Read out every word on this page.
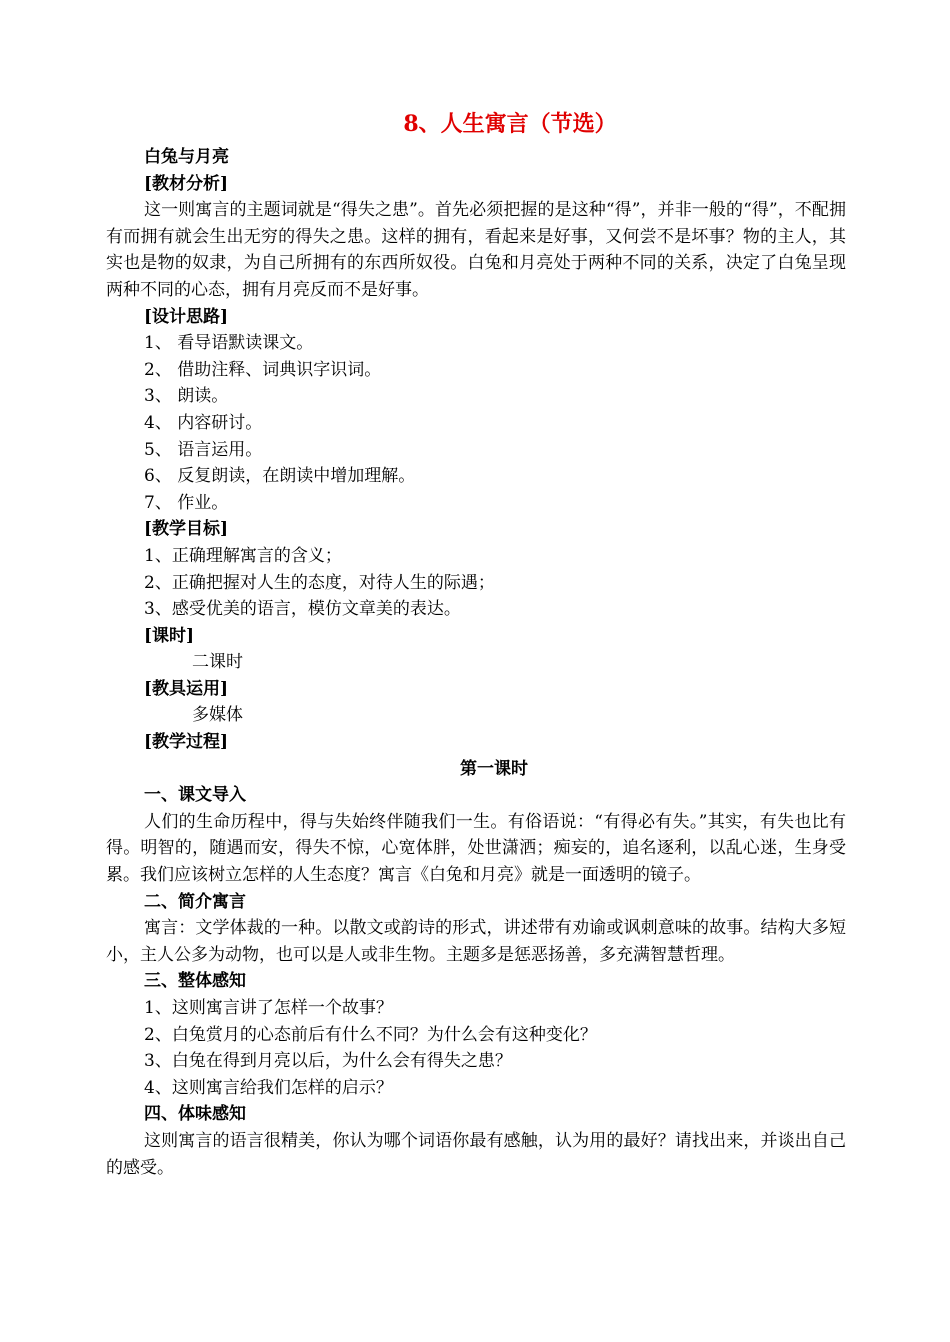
8、人生寓言（节选）
白兔与月亮
[教材分析]
这一则寓言的主题词就是“得失之患”。首先必须把握的是这种“得”，并非一般的“得”，不配拥有而拥有就会生出无穷的得失之患。这样的拥有，看起来是好事，又何尝不是坏事？物的主人，其实也是物的奴隶，为自己所拥有的东西所奴役。白兔和月亮处于两种不同的关系，决定了白兔呈现两种不同的心态，拥有月亮反而不是好事。
[设计思路]
1、 看导语默读课文。
2、 借助注释、词典识字识词。
3、 朗读。
4、 内容研讨。
5、 语言运用。
6、 反复朗读，在朗读中增加理解。
7、 作业。
[教学目标]
1、正确理解寓言的含义；
2、正确把握对人生的态度，对待人生的际遇；
3、感受优美的语言，模仿文章美的表达。
[课时]
二课时
[教具运用]
多媒体
[教学过程]
第一课时
一、课文导入
人们的生命历程中，得与失始终伴随我们一生。有俗语说：“有得必有失。”其实，有失也比有得。明智的，随遇而安，得失不惊，心宽体胖，处世潇洒；痴妄的，追名逐利，以乱心迷，生身受累。我们应该树立怎样的人生态度？寓言《白兔和月亮》就是一面透明的镜子。
二、简介寓言
寓言：文学体裁的一种。以散文或韵诗的形式，讲述带有劝谕或讽刺意味的故事。结构大多短小，主人公多为动物，也可以是人或非生物。主题多是惩恶扬善，多充满智慧哲理。
三、整体感知
1、这则寓言讲了怎样一个故事？
2、白兔赏月的心态前后有什么不同？为什么会有这种变化？
3、白兔在得到月亮以后，为什么会有得失之患？
4、这则寓言给我们怎样的启示？
四、体味感知
这则寓言的语言很精美，你认为哪个词语你最有感触，认为用的最好？请找出来，并谈出自己的感受。
